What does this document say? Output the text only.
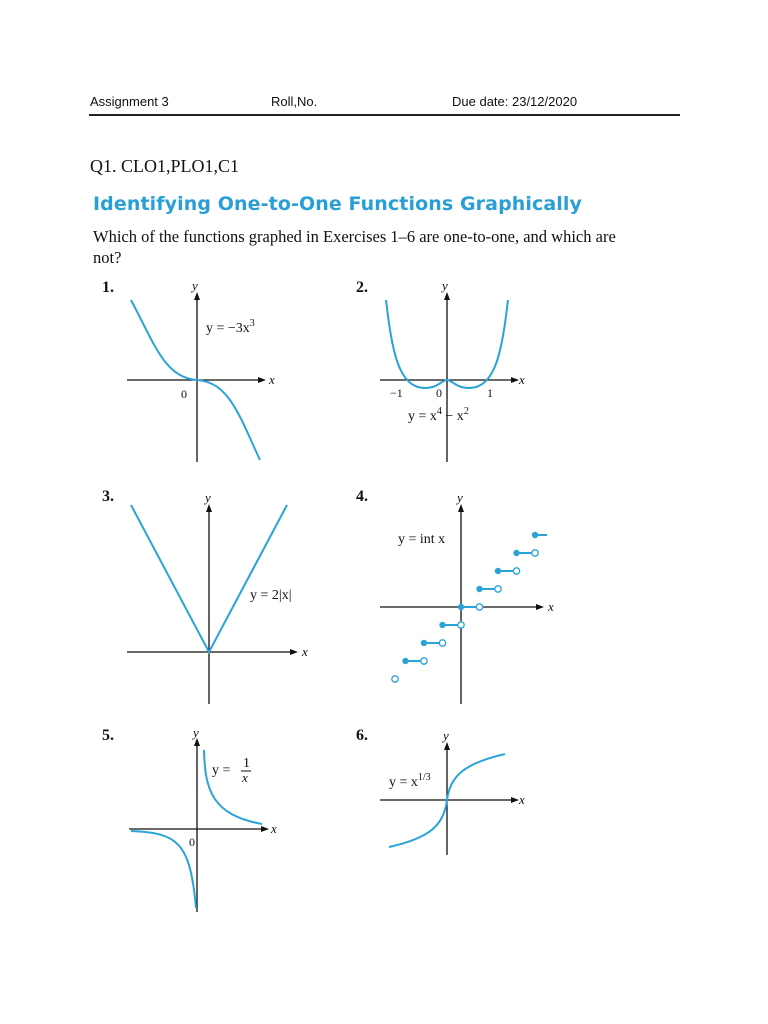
Assignment 3	Roll,No.	Due date: 23/12/2020
Q1. CLO1,PLO1,C1
Identifying One-to-One Functions Graphically
Which of the functions graphed in Exercises 1–6 are one-to-one, and which are not?
1.	2.
3.	4.
5.	6.
y
x
0
$y = -3x^3$
y
x
−1	0	1
$y = x^4 - x^2$
y
x
y = 2|x|
y
x
y = int x
y
x
0
y = 1
x
y
x
$y = x^{1/3}$
